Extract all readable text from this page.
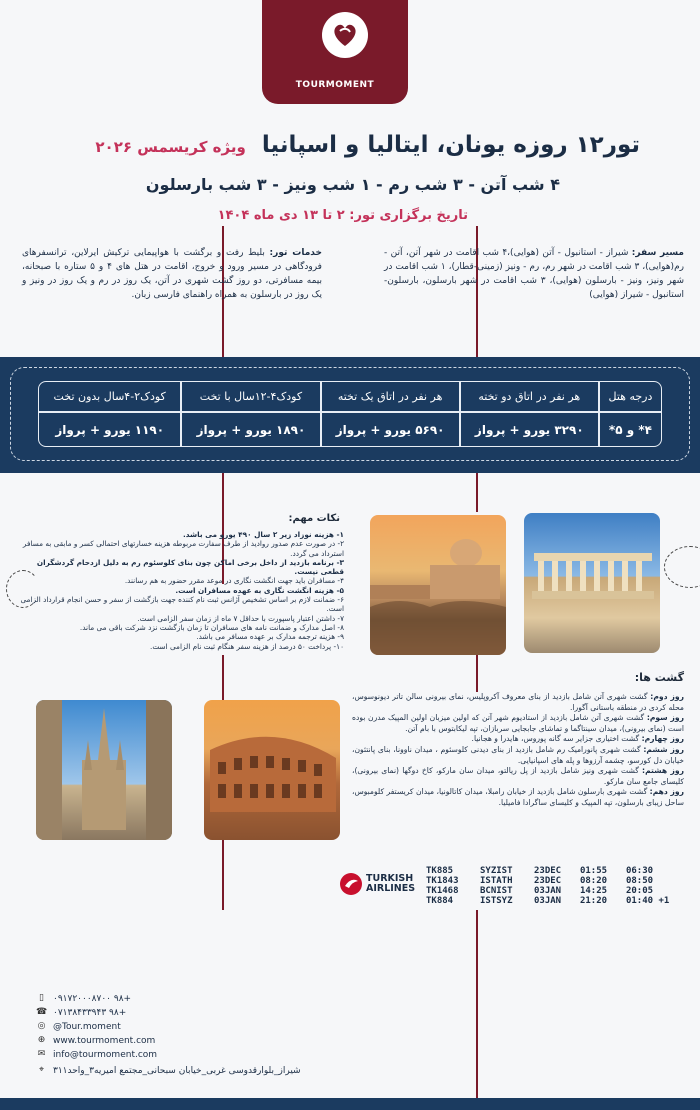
TOURMOMENT
تور۱۲ روزه یونان، ایتالیا و اسپانیا ویژه کریسمس ۲۰۲۶
۴ شب آتن - ۳ شب رم - ۱ شب ونیز - ۳ شب بارسلون
تاریخ برگزاری تور: ۲ تا ۱۳ دی ماه ۱۴۰۴
مسیر سفر: شیراز - استانبول - آتن (هوایی)،۴ شب اقامت در شهر آتن، آتن - رم(هوایی)، ۳ شب اقامت در شهر رم، رم - ونیز (زمینی-قطار)، ۱ شب اقامت در شهر ونیز، ونیز - بارسلون (هوایی)، ۳ شب اقامت در شهر بارسلون، بارسلون- استانبول - شیراز (هوایی)
خدمات تور: بلیط رفت و برگشت با هواپیمایی ترکیش ایرلاین، ترانسفرهای فرودگاهی در مسیر ورود و خروج، اقامت در هتل های ۴ و ۵ ستاره با صبحانه، بیمه مسافرتی، دو روز گشت شهری در آتن، یک روز در رم و یک روز در ونیز و یک روز در بارسلون به همراه راهنمای فارسی زبان.
درجه هتل	هر نفر در اتاق دو تخته	هر نفر در اتاق یک تخته	کودک۴-۱۲سال با تخت	کودک۲-۴سال بدون تخت
۴* و ۵*	۳۲۹۰ یورو + پرواز	۵۶۹۰ یورو + پرواز	۱۸۹۰ یورو + پرواز	۱۱۹۰ یورو + پرواز
نکات مهم:
۱- هزینه نوزاد زیر ۲ سال ۴۹۰ یورو می باشد.
۲- در صورت عدم صدور روادید از طرف سفارت مربوطه هزینه خسارتهای احتمالی کسر و مابقی به مسافر استرداد می گردد.
۳- برنامه بازدید از داخل برخی اماکن چون بنای کلوسئوم رم به دلیل ازدحام گردشگران قطعی نیست.
۴- مسافران باید جهت انگشت نگاری در موعد مقرر حضور به هم رسانند.
۵- هزینه انگشت نگاری به عهده مسافران است.
۶- ضمانت لازم بر اساس تشخیص آژانس ثبت نام کننده جهت بازگشت از سفر و حسن انجام قرارداد الزامی است.
۷- داشتن اعتبار پاسپورت با حداقل ۷ ماه از زمان سفر الزامی است.
۸- اصل مدارک و ضمانت نامه های مسافران تا زمان بازگشت نزد شرکت باقی می ماند.
۹- هزینه ترجمه مدارک بر عهده مسافر می باشد.
۱۰- پرداخت ۵۰ درصد از هزینه سفر هنگام ثبت نام الزامی است.
گشت ها:
روز دوم: گشت شهری آتن شامل بازدید از بنای معروف آکروپلیس، نمای بیرونی سالن تاتر دیونوسوس، محله کردی در منطقه باستانی آگورا.
روز سوم: گشت شهری آتن شامل بازدید از استادیوم شهر آتن که اولین میزبان اولین المپیک مدرن بوده است (نمای بیرونی)، میدان سینتاگما و تماشای جابجایی سربازان، تپه لیکابتوس با بام آتن.
روز چهارم: گشت اختیاری جزایر سه گانه پوروس، هایدرا و هجانیا.
روز ششم: گشت شهری پانورامیک رم شامل بازدید از بنای دیدنی کلوسئوم ، میدان ناوونا، بنای پانتئون، خیابان دل کورسو، چشمه آرزوها و پله های اسپانیایی.
روز هشتم: گشت شهری ونیز شامل بازدید از پل ریالتو، میدان سان مارکو، کاخ دوگها (نمای بیرونی)، کلیسای جامع سان مارکو.
روز دهم: گشت شهری بارسلون شامل بازدید از خیابان رامبلا، میدان کاتالونیا، میدان کریستفر کلومبوس، ساحل زیبای بارسلون، تپه المپیک و کلیسای ساگرادا فامیلیا.
TURKISH
AIRLINES
TK885	SYZIST	23DEC	01:55	06:30
TK1843	ISTATH	23DEC	08:20	08:50
TK1468	BCNIST	03JAN	14:25	20:05
TK884	ISTSYZ	03JAN	21:20	01:40 +1
▯	۰۹۱۷۲۰۰۰۸۷۰۰ ۹۸+
☎ ۰۷۱۳۸۴۳۳۹۴۳ ۹۸+
◎ @Tour.moment
⊕ www.tourmoment.com
✉ info@tourmoment.com
⌖ شیراز_بلوارقدوسی غربی_خیابان سبحانی_مجتمع امیریه۳_واحد۳۱۱
